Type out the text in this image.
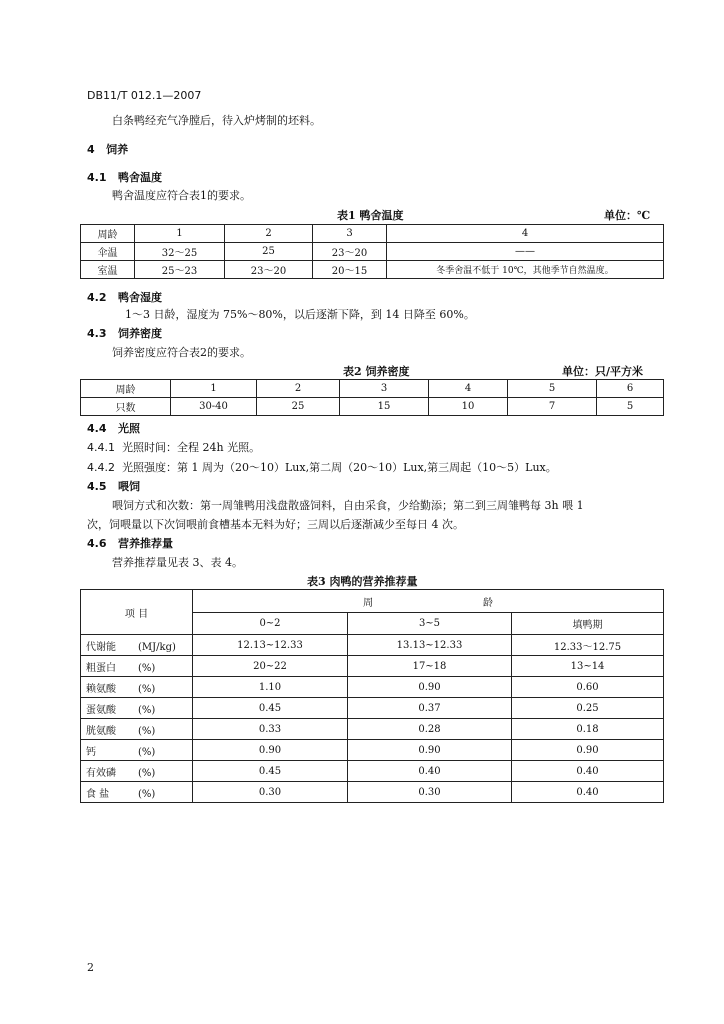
DB11/T 012.1—2007
白条鸭经充气净膛后，待入炉烤制的坯料。
4 饲养
4.1 鸭舍温度
鸭舍温度应符合表1的要求。
表1 鸭舍温度	单位：℃
周龄	1	2	3	4
伞温	32～25	25	23～20	——
室温	25～23	23～20	20～15	冬季舍温不低于 10℃，其他季节自然温度。
4.2 鸭舍湿度
1～3 日龄，湿度为 75%～80%，以后逐渐下降，到 14 日降至 60%。
4.3 饲养密度
饲养密度应符合表2的要求。
表2 饲养密度	单位：只/平方米
周龄	1	2	3	4	5	6
只数	30-40	25	15	10	7	5
4.4 光照
4.4.1 光照时间：全程 24h 光照。
4.4.2 光照强度：第 1 周为（20～10）Lux,第二周（20～10）Lux,第三周起（10～5）Lux。
4.5 喂饲
喂饲方式和次数：第一周雏鸭用浅盘散盛饲料，自由采食，少给勤添；第二到三周雏鸭每 3h 喂 1
次，饲喂量以下次饲喂前食槽基本无料为好；三周以后逐渐减少至每日 4 次。
4.6 营养推荐量
营养推荐量见表 3、表 4。
表3 肉鸭的营养推荐量
项 目	周 龄		
	0~2	3~5	填鸭期
代谢能 (MJ/kg)	12.13~12.33	13.13~12.33	12.33～12.75
粗蛋白 (%)	20~22	17~18	13~14
赖氨酸 (%)	1.10	0.90	0.60
蛋氨酸 (%)	0.45	0.37	0.25
胱氨酸 (%)	0.33	0.28	0.18
钙 (%)	0.90	0.90	0.90
有效磷 (%)	0.45	0.40	0.40
食 盐 (%)	0.30	0.30	0.40
2
